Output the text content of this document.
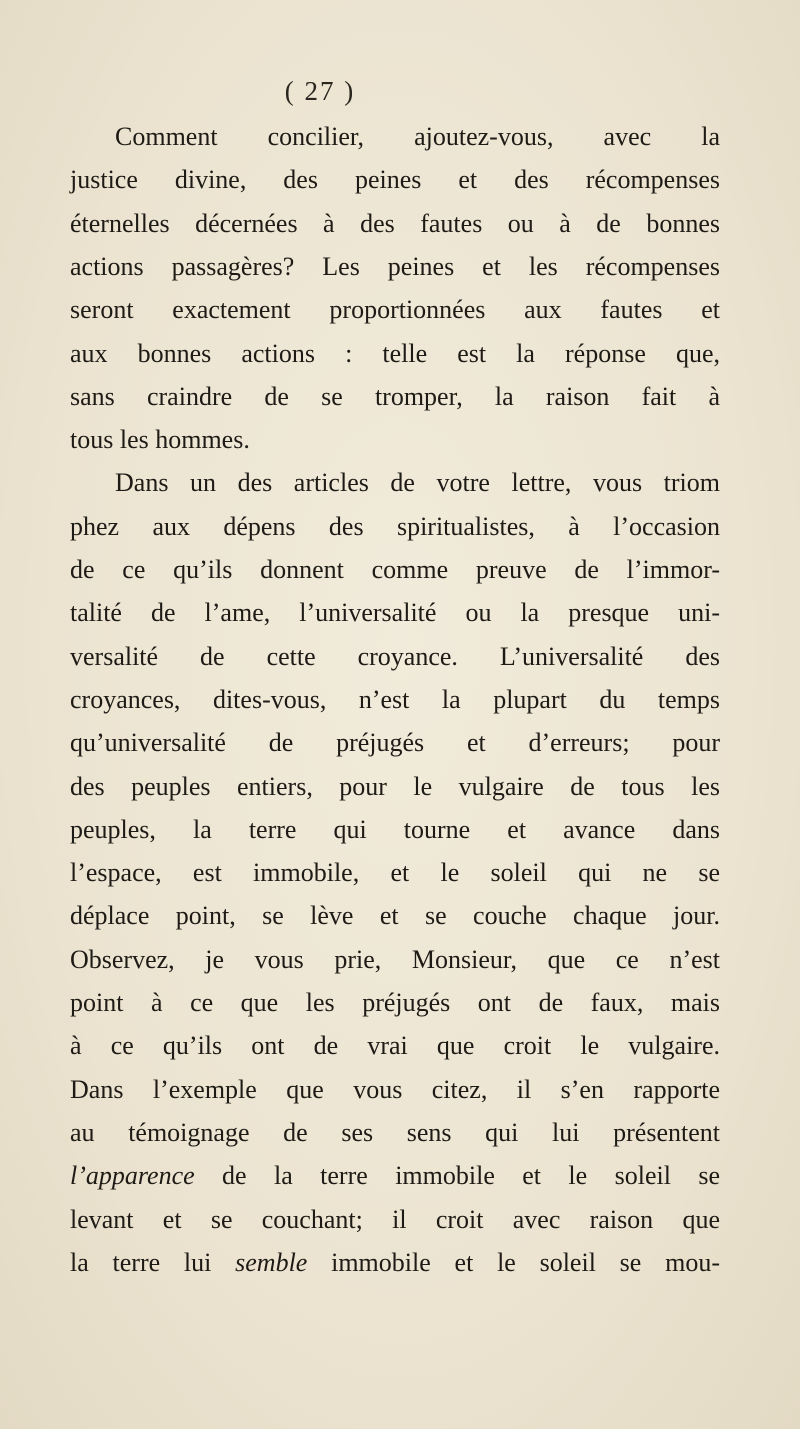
( 27 )
Comment concilier, ajoutez-vous, avec la
justice divine, des peines et des récompenses
éternelles décernées à des fautes ou à de bonnes
actions passagères? Les peines et les récompenses
seront exactement proportionnées aux fautes et
aux bonnes actions : telle est la réponse que,
sans craindre de se tromper, la raison fait à
tous les hommes.
Dans un des articles de votre lettre, vous triom
phez aux dépens des spiritualistes, à l’occasion
de ce qu’ils donnent comme preuve de l’immor-
talité de l’ame, l’universalité ou la presque uni-
versalité de cette croyance. L’universalité des
croyances, dites-vous, n’est la plupart du temps
qu’universalité de préjugés et d’erreurs; pour
des peuples entiers, pour le vulgaire de tous les
peuples, la terre qui tourne et avance dans
l’espace, est immobile, et le soleil qui ne se
déplace point, se lève et se couche chaque jour.
Observez, je vous prie, Monsieur, que ce n’est
point à ce que les préjugés ont de faux, mais
à ce qu’ils ont de vrai que croit le vulgaire.
Dans l’exemple que vous citez, il s’en rapporte
au témoignage de ses sens qui lui présentent
l’apparence de la terre immobile et le soleil se
levant et se couchant; il croit avec raison que
la terre lui semble immobile et le soleil se mou-
